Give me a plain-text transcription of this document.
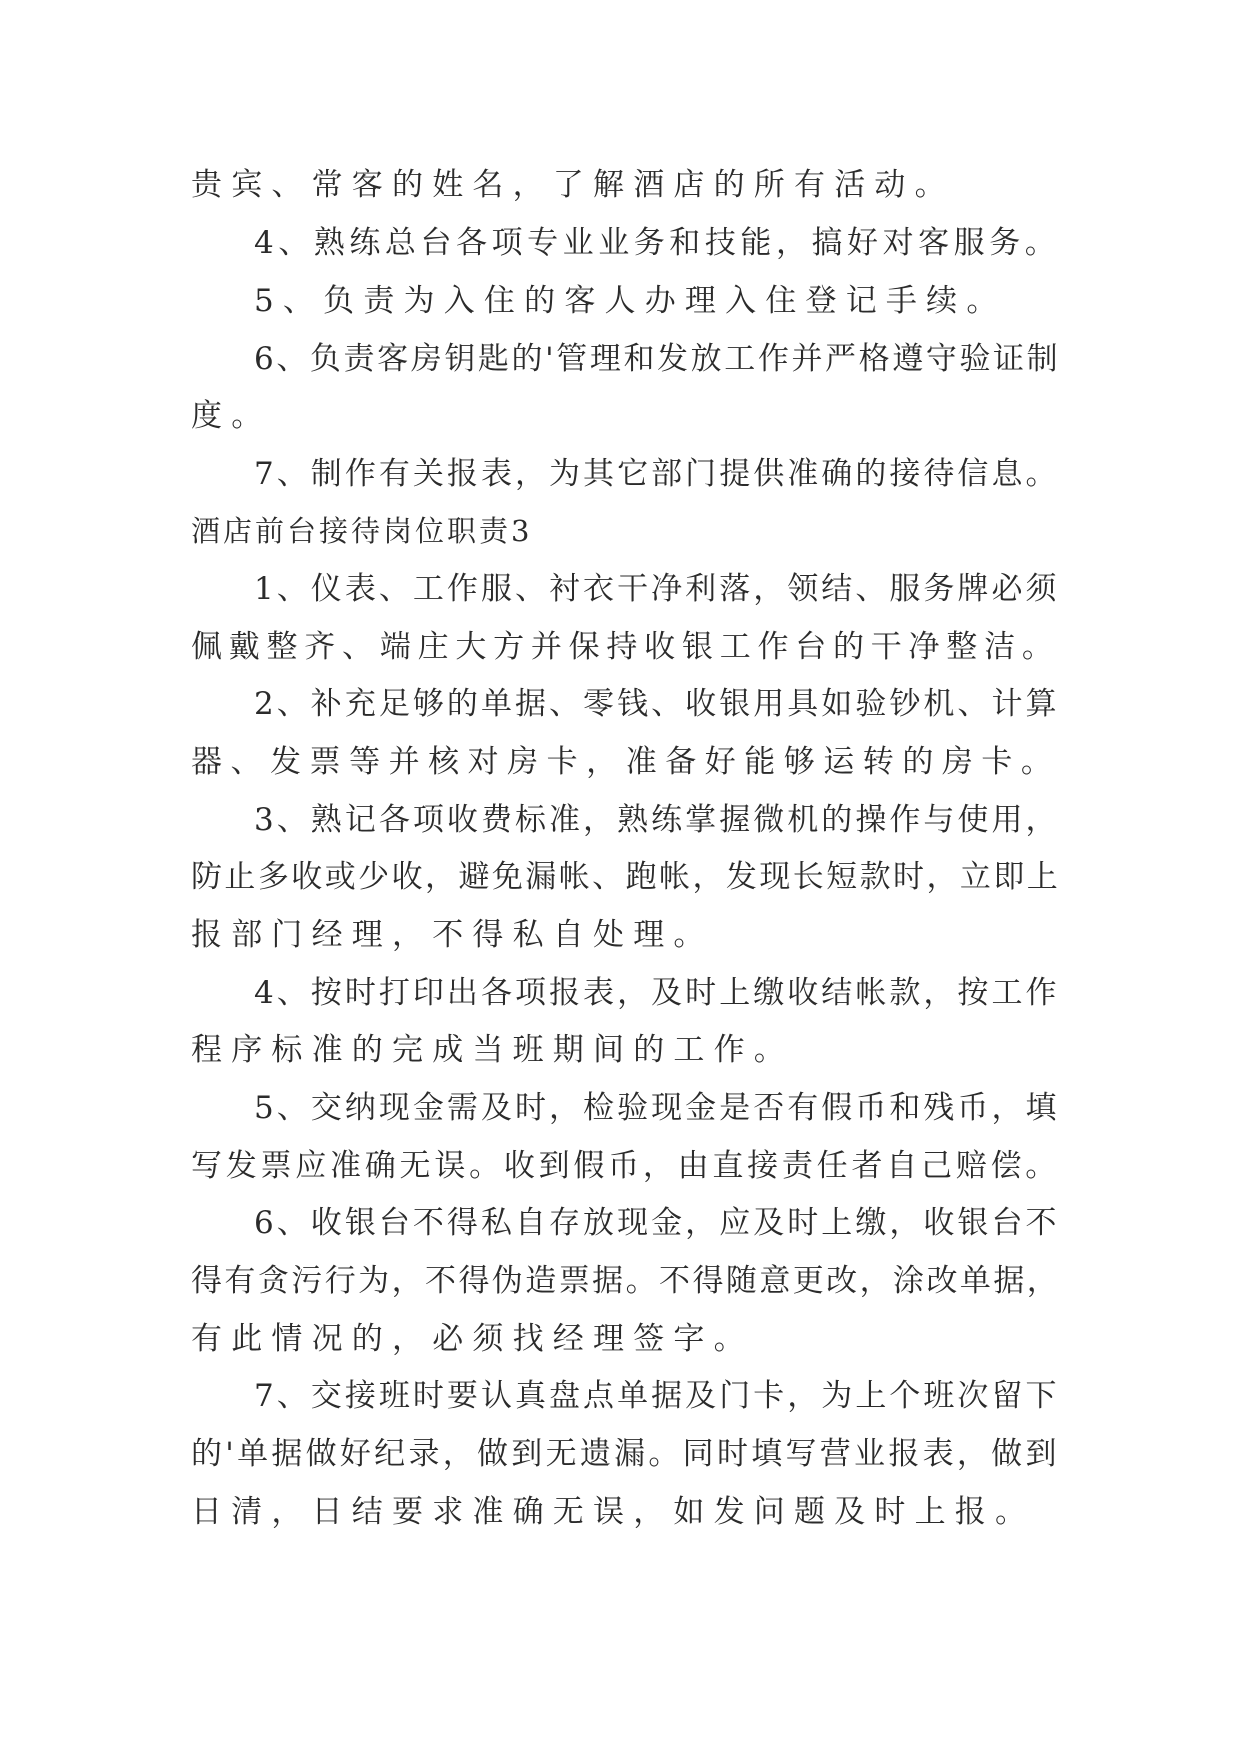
贵宾、常客的姓名，了解酒店的所有活动。
4、熟练总台各项专业业务和技能，搞好对客服务。
5、负责为入住的客人办理入住登记手续。
6、负责客房钥匙的'管理和发放工作并严格遵守验证制
度。
7、制作有关报表，为其它部门提供准确的接待信息。
酒店前台接待岗位职责3
1、仪表、工作服、衬衣干净利落，领结、服务牌必须
佩戴整齐、端庄大方并保持收银工作台的干净整洁。
2、补充足够的单据、零钱、收银用具如验钞机、计算
器、发票等并核对房卡，准备好能够运转的房卡。
3、熟记各项收费标准，熟练掌握微机的操作与使用，
防止多收或少收，避免漏帐、跑帐，发现长短款时，立即上
报部门经理，不得私自处理。
4、按时打印出各项报表，及时上缴收结帐款，按工作
程序标准的完成当班期间的工作。
5、交纳现金需及时，检验现金是否有假币和残币，填
写发票应准确无误。收到假币，由直接责任者自己赔偿。
6、收银台不得私自存放现金，应及时上缴，收银台不
得有贪污行为，不得伪造票据。不得随意更改，涂改单据，
有此情况的，必须找经理签字。
7、交接班时要认真盘点单据及门卡，为上个班次留下
的'单据做好纪录，做到无遗漏。同时填写营业报表，做到
日清，日结要求准确无误，如发问题及时上报。
